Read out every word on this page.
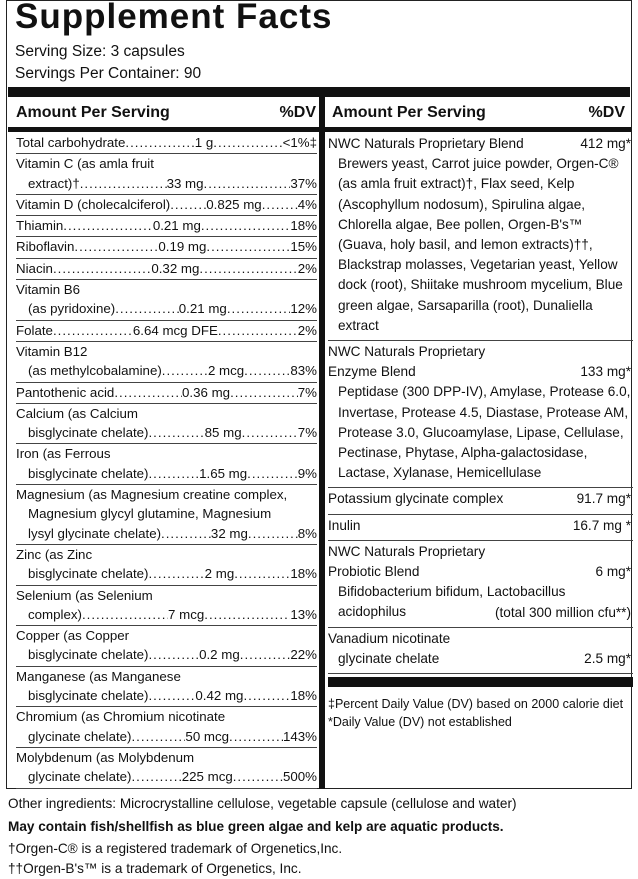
Supplement Facts
Serving Size: 3 capsules
Servings Per Container: 90
Amount Per Serving	%DV Amount Per Serving	%DV
Total carbohydrate .....	1 g .....	<1%‡
Vitamin C (as amla fruit
extract)† .....	33 mg .....	37%
Vitamin D (cholecalciferol) .....	0.825 mg .....	4%
Thiamin .....	0.21 mg .....	18%
Riboflavin .....	0.19 mg .....	15%
Niacin .....	0.32 mg .....	2%
Vitamin B6
(as pyridoxine) .....	0.21 mg .....	12%
Folate .....	6.64 mcg DFE .....	2%
Vitamin B12
(as methylcobalamine) .....	2 mcg .....	83%
Pantothenic acid .....	0.36 mg .....	7%
Calcium (as Calcium
bisglycinate chelate) .....	85 mg .....	7%
Iron (as Ferrous
bisglycinate chelate) .....	1.65 mg .....	9%
Magnesium (as Magnesium creatine complex,
Magnesium glycyl glutamine, Magnesium
lysyl glycinate chelate) .....	32 mg .....	8%
Zinc (as Zinc
bisglycinate chelate) .....	2 mg .....	18%
Selenium (as Selenium
complex) .....	7 mcg .....	13%
Copper (as Copper
bisglycinate chelate) .....	0.2 mg .....	22%
Manganese (as Manganese
bisglycinate chelate) .....	0.42 mg .....	18%
Chromium (as Chromium nicotinate
glycinate chelate) .....	50 mcg .....	143%
Molybdenum (as Molybdenum
glycinate chelate) .....	225 mcg .....	500%
NWC Naturals Proprietary Blend	412 mg*
Brewers yeast, Carrot juice powder, Orgen-C® (as amla fruit extract)†, Flax seed, Kelp (Ascophyllum nodosum), Spirulina algae, Chlorella algae, Bee pollen, Orgen-B's™ (Guava, holy basil, and lemon extracts)††, Blackstrap molasses, Vegetarian yeast, Yellow dock (root), Shiitake mushroom mycelium, Blue green algae, Sarsaparilla (root), Dunaliella extract
NWC Naturals Proprietary
Enzyme Blend	133 mg*
Peptidase (300 DPP-IV), Amylase, Protease 6.0, Invertase, Protease 4.5, Diastase, Protease AM, Protease 3.0, Glucoamylase, Lipase, Cellulase, Pectinase, Phytase, Alpha-galactosidase, Lactase, Xylanase, Hemicellulase
Potassium glycinate complex	91.7 mg*
Inulin	16.7 mg *
NWC Naturals Proprietary
Probiotic Blend	6 mg*
Bifidobacterium bifidum, Lactobacillus acidophilus	(total 300 million cfu**)
Vanadium nicotinate
glycinate chelate	2.5 mg*
‡Percent Daily Value (DV) based on 2000 calorie diet
*Daily Value (DV) not established
Other ingredients: Microcrystalline cellulose, vegetable capsule (cellulose and water)
May contain fish/shellfish as blue green algae and kelp are aquatic products.
†Orgen-C® is a registered trademark of Orgenetics,Inc.
††Orgen-B's™ is a trademark of Orgenetics, Inc.
